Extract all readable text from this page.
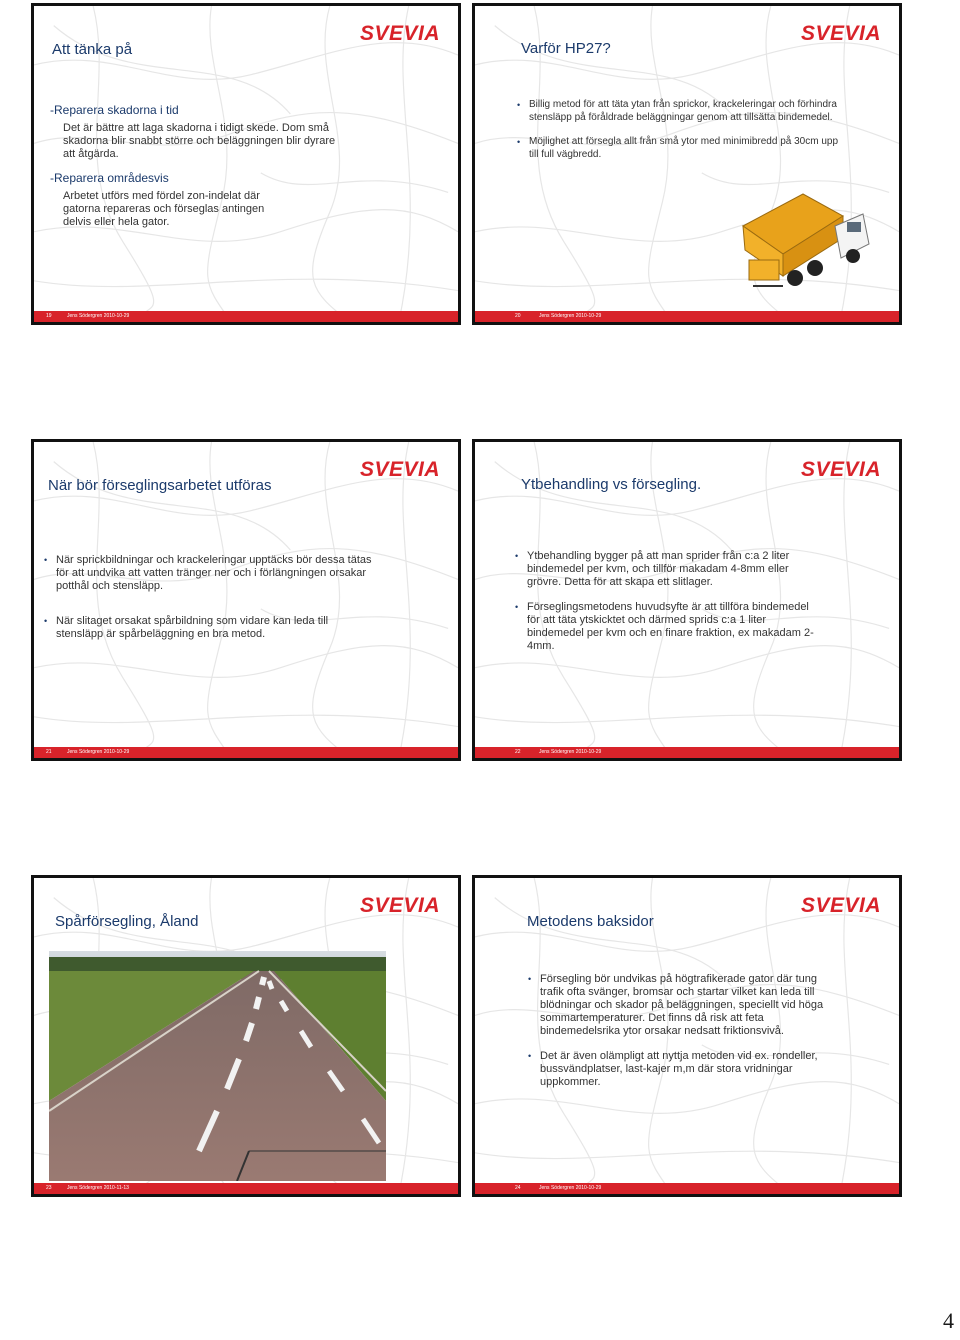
SVEVIA
Att tänka på
-Reparera skadorna i tid
Det är bättre att laga skadorna i tidigt skede. Dom små skadorna blir snabbt större och beläggningen blir dyrare att åtgärda.
-Reparera områdesvis
Arbetet utförs med fördel zon-indelat där gatorna repareras och förseglas antingen delvis eller hela gator.
19	Jens Södergren 2010-10-29
SVEVIA
Varför HP27?
• Billig metod för att täta ytan från sprickor, krackeleringar och förhindra stensläpp på föråldrade beläggningar genom att tillsätta bindemedel.
• Möjlighet att försegla allt från små ytor med minimibredd på 30cm upp till full vägbredd.
20	Jens Södergren 2010-10-29
SVEVIA
När bör förseglingsarbetet utföras
• När sprickbildningar och krackeleringar upptäcks bör dessa tätas för att undvika att vatten tränger ner och i förlängningen orsakar potthål och stensläpp.
• När slitaget orsakat spårbildning som vidare kan leda till stensläpp är spårbeläggning en bra metod.
21	Jens Södergren 2010-10-29
SVEVIA
Ytbehandling vs försegling.
• Ytbehandling bygger på att man sprider från c:a 2 liter bindemedel per kvm, och tillför makadam 4-8mm eller grövre. Detta för att skapa ett slitlager.
• Förseglingsmetodens huvudsyfte är att tillföra bindemedel för att täta ytskicktet och därmed sprids c:a 1 liter bindemedel per kvm och en finare fraktion, ex makadam 2-4mm.
22	Jens Södergren 2010-10-29
SVEVIA
Spårförsegling, Åland
23	Jens Södergren 2010-11-13
SVEVIA
Metodens baksidor
• Försegling bör undvikas på högtrafikerade gator där tung trafik ofta svänger, bromsar och startar vilket kan leda till blödningar och skador på beläggningen, speciellt vid höga sommartemperaturer. Det finns då risk att feta bindemedelsrika ytor orsakar nedsatt friktionsvivå.
• Det är även olämpligt att nyttja metoden vid ex. rondeller, bussvändplatser, last-kajer m,m där stora vridningar uppkommer.
24	Jens Södergren 2010-10-29
4
